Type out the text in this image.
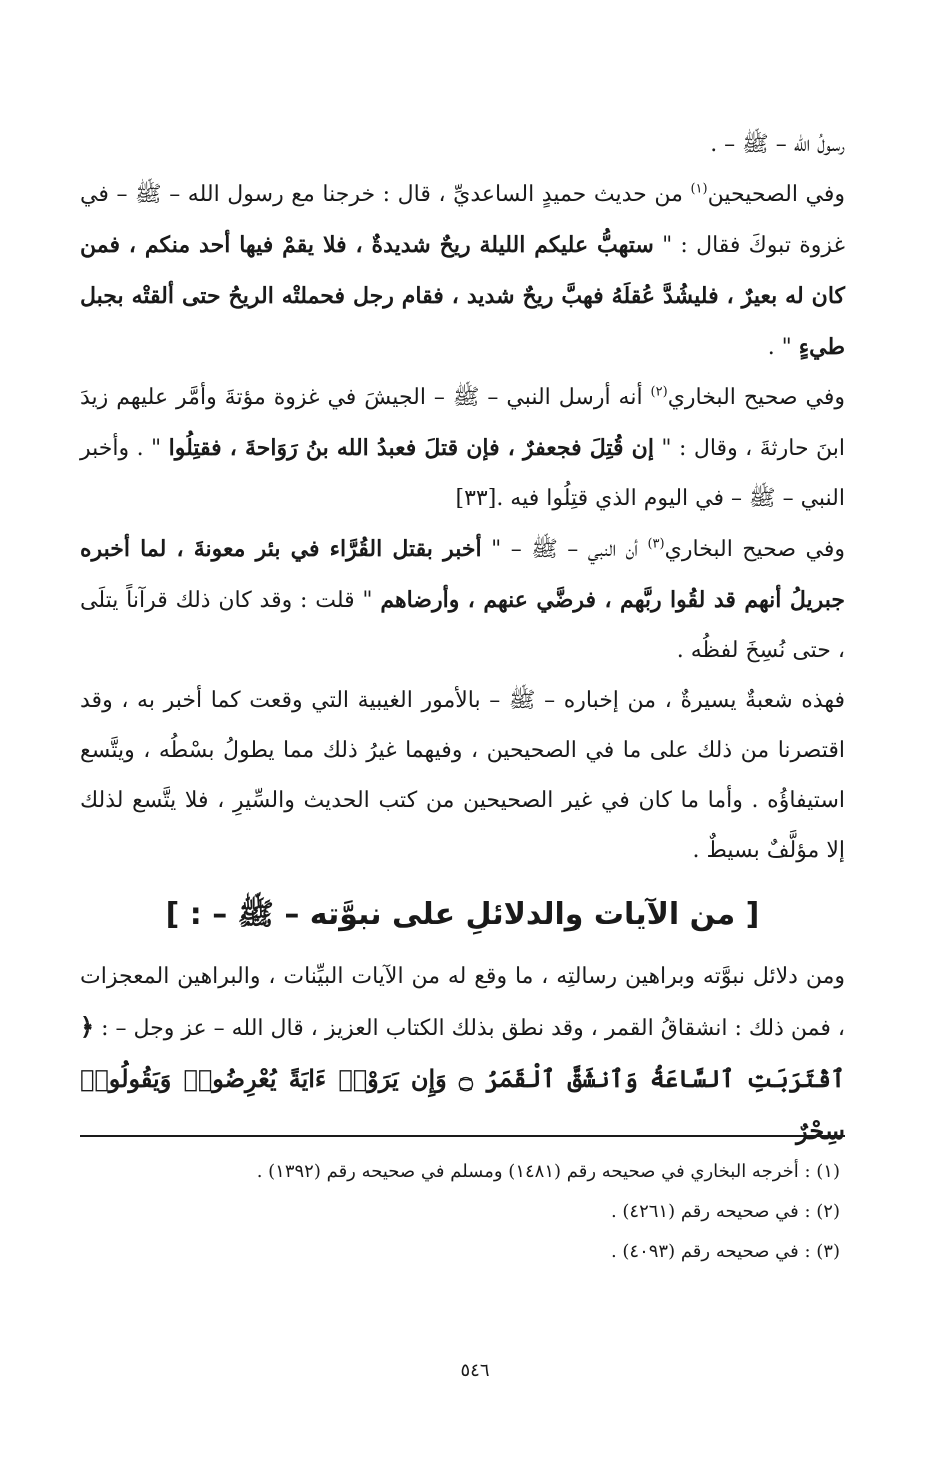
رسولُ الله – ﷺ – .

وفي الصحيحين$^{(١)}$ من حديث حميدٍ الساعديِّ ، قال : خرجنا مع رسول الله – ﷺ – في غزوة تبوكَ فقال : " ستهبُّ عليكم الليلة ريحٌ شديدةٌ ، فلا يقمْ فيها أحد منكم ، فمن كان له بعيرٌ ، فليشُدَّ عُقلَهُ فهبَّ ريحٌ شديد ، فقام رجل فحملتْه الريحُ حتى ألقتْه بجبل طيءٍ " .

وفي صحيح البخاري$^{(٢)}$ أنه أرسل النبي – ﷺ – الجيشَ في غزوة مؤتةَ وأمَّر عليهم زيدَ ابنَ حارثةَ ، وقال : " إن قُتِلَ فجعفرٌ ، فإن قتلَ فعبدُ الله بنُ رَوَاحةَ ، فقتِلُوا " . وأخبر النبي – ﷺ – في اليوم الذي قتِلُوا فيه .[٣٣]

وفي صحيح البخاري$^{(٣)}$ أن النبي – ﷺ – " أخبر بقتل القُرَّاء في بئر معونةَ ، لما أخبره جبريلُ أنهم قد لقُوا ربَّهم ، فرضَّي عنهم ، وأرضاهم " قلت : وقد كان ذلك قرآناً يتلَى ، حتى نُسِخَ لفظُه .

فهذه شعبةٌ يسيرةٌ ، من إخباره – ﷺ – بالأمور الغيبية التي وقعت كما أخبر به ، وقد اقتصرنا من ذلك على ما في الصحيحين ، وفيهما غيرُ ذلك مما يطولُ بسْطُه ، ويتَّسع استيفاؤُه . وأما ما كان في غير الصحيحين من كتب الحديث والسِّيرِ ، فلا يتَّسع لذلك إلا مؤلَّفٌ بسيطٌ .

[ من الآيات والدلائلِ على نبوَّته – ﷺ – : ]

ومن دلائل نبوَّته وبراهين رسالتِه ، ما وقع له من الآيات البيِّنات ، والبراهين المعجزات ، فمن ذلك : انشقاقُ القمر ، وقد نطق بذلك الكتاب العزيز ، قال الله – عز وجل – : ﴿ ٱقْتَرَبَتِ ٱلسَّاعَةُ وَٱنشَقَّ ٱلْقَمَرُ ۝ وَإِن يَرَوْا۟ ءَايَةً يُعْرِضُوا۟ وَيَقُولُوا۟ سِحْرٌ

(١) : أخرجه البخاري في صحيحه رقم (١٤٨١) ومسلم في صحيحه رقم (١٣٩٢) .

(٢) : في صحيحه رقم (٤٢٦١) .

(٣) : في صحيحه رقم (٤٠٩٣) .

٥٤٦
